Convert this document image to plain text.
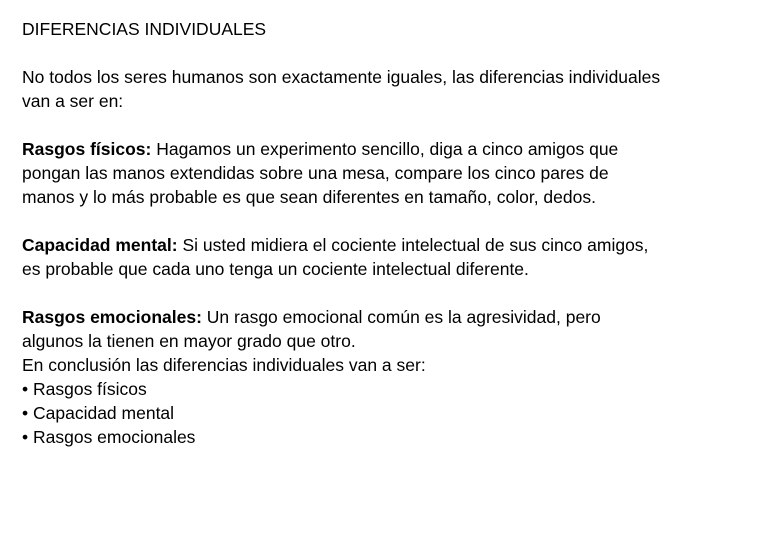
DIFERENCIAS INDIVIDUALES

No todos los seres humanos son exactamente iguales, las diferencias individuales
van a ser en:

Rasgos físicos: Hagamos un experimento sencillo, diga a cinco amigos que
pongan las manos extendidas sobre una mesa, compare los cinco pares de
manos y lo más probable es que sean diferentes en tamaño, color, dedos.

Capacidad mental: Si usted midiera el cociente intelectual de sus cinco amigos,
es probable que cada uno tenga un cociente intelectual diferente.

Rasgos emocionales: Un rasgo emocional común es la agresividad, pero
algunos la tienen en mayor grado que otro.
En conclusión las diferencias individuales van a ser:

• Rasgos físicos
• Capacidad mental
• Rasgos emocionales
